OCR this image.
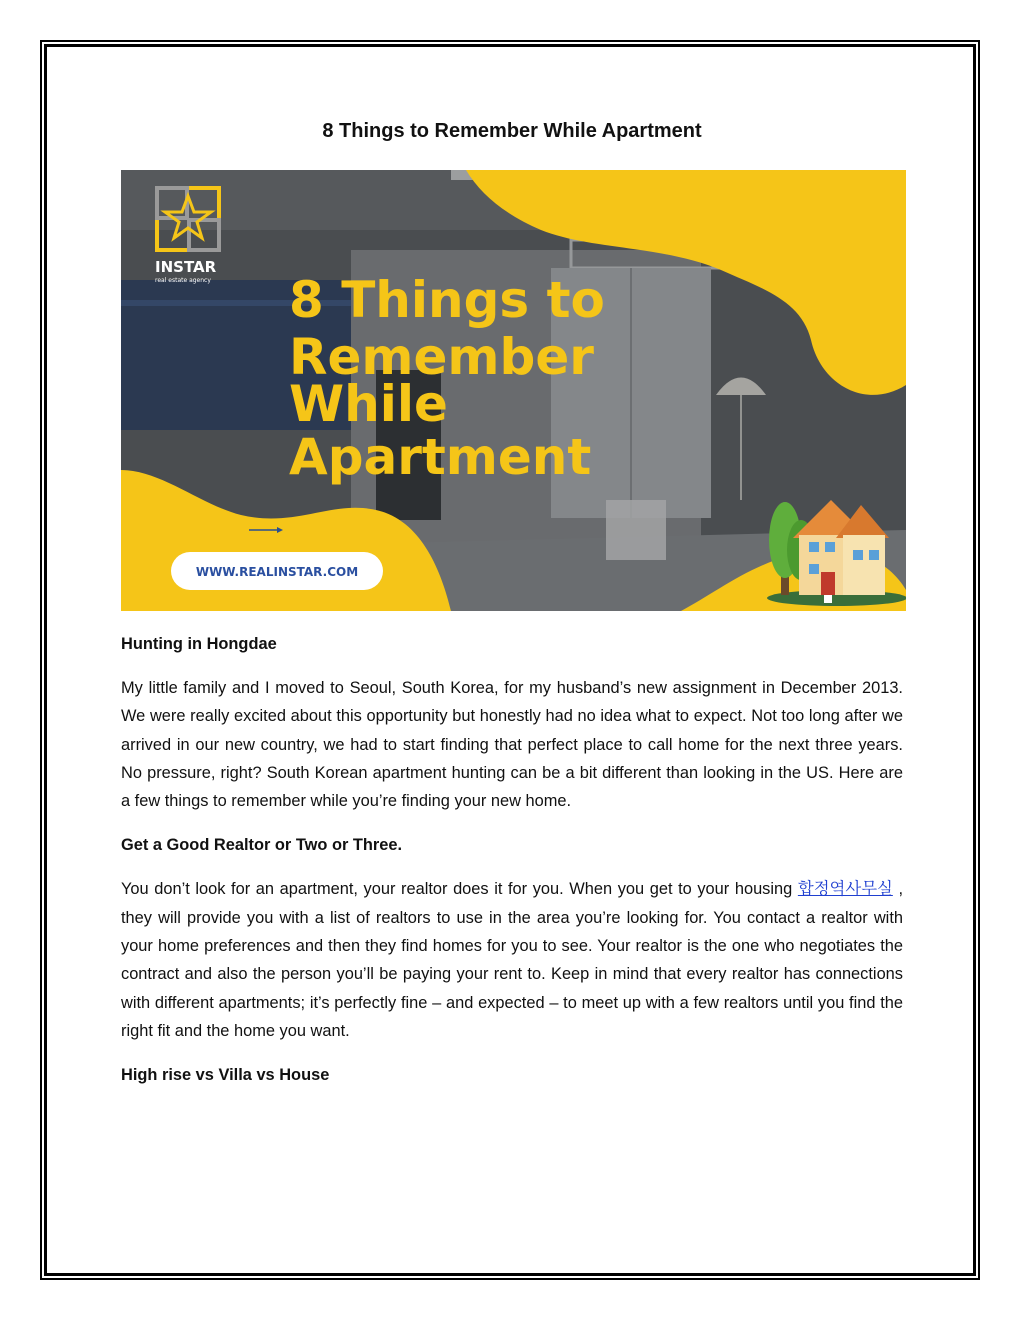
8 Things to Remember While Apartment
INSTAR
real estate agency 8 Things to
Remember
While
Apartment
WWW.REALINSTAR.COM
Hunting in Hongdae

My little family and I moved to Seoul, South Korea, for my husband’s new assignment in December 2013. We were really excited about this opportunity but honestly had no idea what to expect. Not too long after we arrived in our new country, we had to start finding that perfect place to call home for the next three years. No pressure, right? South Korean apartment hunting can be a bit different than looking in the US. Here are a few things to remember while you’re finding your new home.

Get a Good Realtor or Two or Three.

You don’t look for an apartment, your realtor does it for you. When you get to your housing 합정역사무실 , they will provide you with a list of realtors to use in the area you’re looking for. You contact a realtor with your home preferences and then they find homes for you to see. Your realtor is the one who negotiates the contract and also the person you’ll be paying your rent to. Keep in mind that every realtor has connections with different apartments; it’s perfectly fine – and expected – to meet up with a few realtors until you find the right fit and the home you want.

High rise vs Villa vs House
